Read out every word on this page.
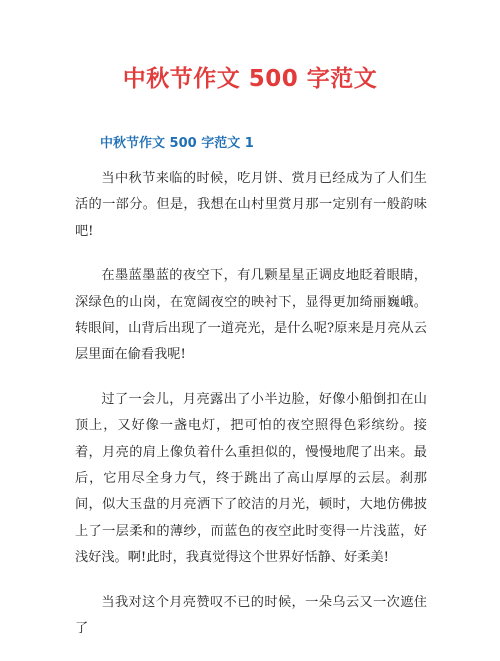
中秋节作文 500 字范文
中秋节作文 500 字范文 1

当中秋节来临的时候，吃月饼、赏月已经成为了人们生活的一部分。但是，我想在山村里赏月那一定别有一般韵味吧!

在墨蓝墨蓝的夜空下，有几颗星星正调皮地眨着眼睛，深绿色的山岗，在宽阔夜空的映衬下，显得更加绮丽巍峨。转眼间，山背后出现了一道亮光，是什么呢?原来是月亮从云层里面在偷看我呢!

过了一会儿，月亮露出了小半边脸，好像小船倒扣在山顶上，又好像一盏电灯，把可怕的夜空照得色彩缤纷。接着，月亮的肩上像负着什么重担似的，慢慢地爬了出来。最后，它用尽全身力气，终于跳出了高山厚厚的云层。刹那间，似大玉盘的月亮洒下了皎洁的月光，顿时，大地仿佛披上了一层柔和的薄纱，而蓝色的夜空此时变得一片浅蓝，好浅好浅。啊!此时，我真觉得这个世界好恬静、好柔美!

当我对这个月亮赞叹不已的时候，一朵乌云又一次遮住了
